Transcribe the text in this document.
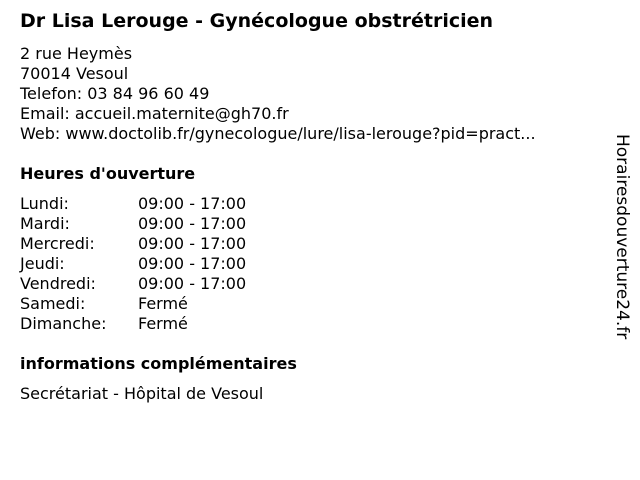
Dr Lisa Lerouge - Gynécologue obstrétricien
2 rue Heymès
70014 Vesoul
Telefon: 03 84 96 60 49
Email: accueil.maternite@gh70.fr
Web: www.doctolib.fr/gynecologue/lure/lisa-lerouge?pid=pract...
Heures d'ouverture
Lundi:	09:00 - 17:00
Mardi:	09:00 - 17:00
Mercredi:	09:00 - 17:00
Jeudi:	09:00 - 17:00
Vendredi:	09:00 - 17:00
Samedi:	Fermé
Dimanche:	Fermé
informations complémentaires
Secrétariat - Hôpital de Vesoul
Horairesdouverture24.fr
